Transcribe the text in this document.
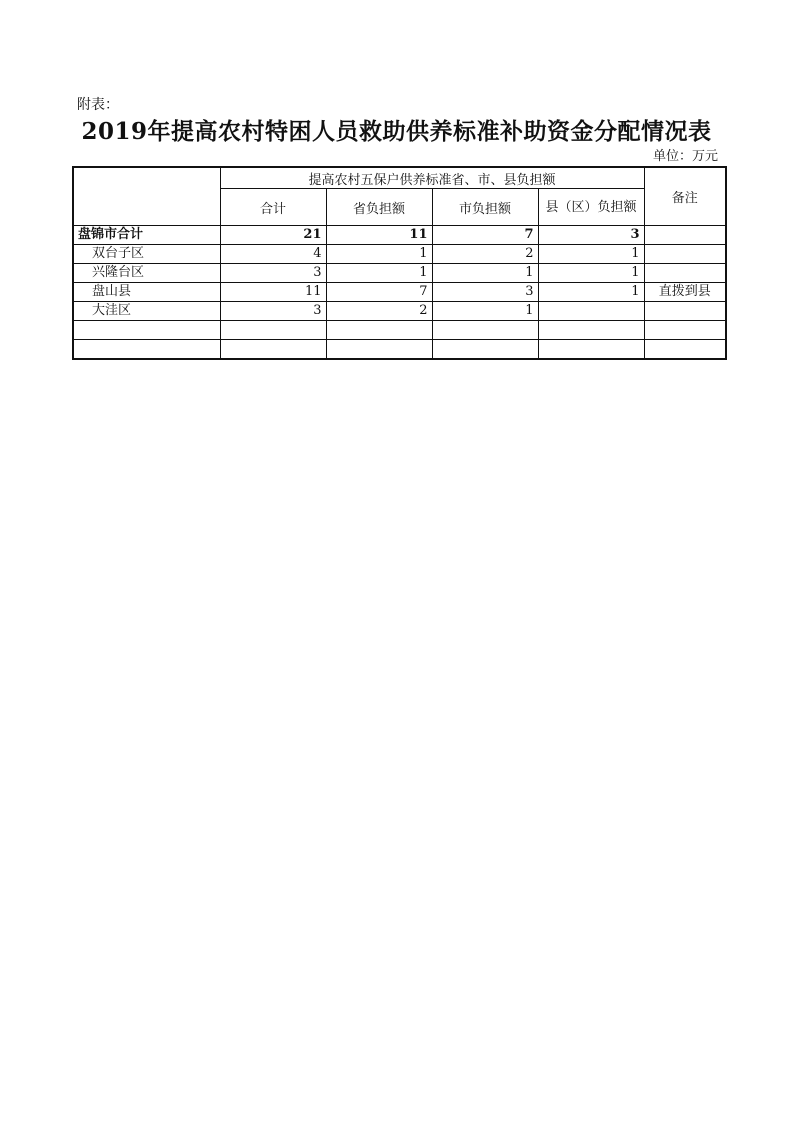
附表：
2019年提高农村特困人员救助供养标准补助资金分配情况表
单位：万元
	提高农村五保户供养标准省、市、县负担额				备注
	合计	省负担额	市负担额	县（区）负担额	
盘锦市合计	21	11	7	3	
双台子区	4	1	2	1	
兴隆台区	3	1	1	1	
盘山县	11	7	3	1	直拨到县
大洼区	3	2	1		
